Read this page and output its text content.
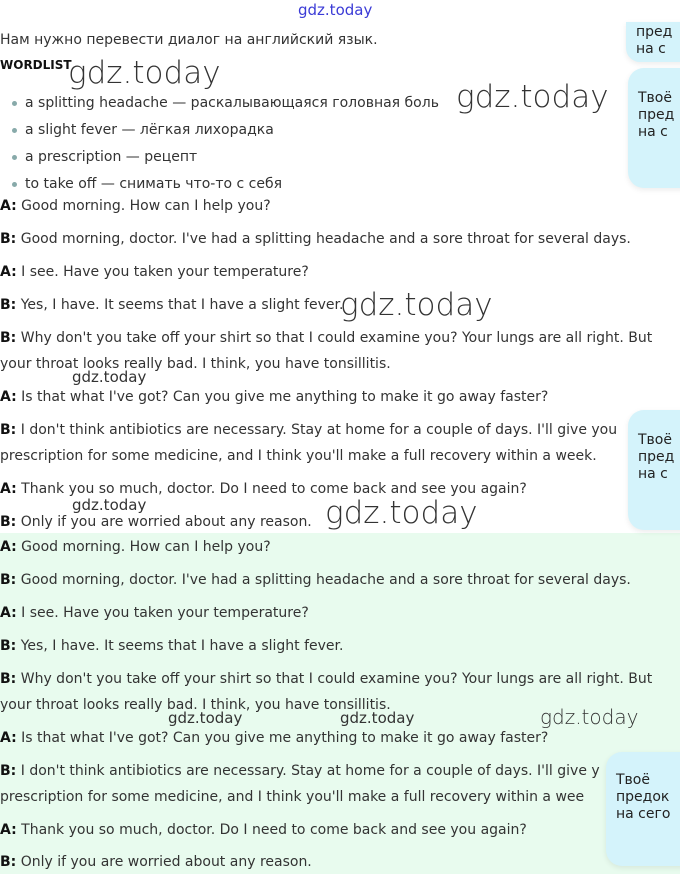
gdz.today
Нам нужно перевести диалог на английский язык.
WORDLIST
gdz.today
gdz.today
a splitting headache — раскалывающаяся головная боль
a slight fever — лёгкая лихорадка
a prescription — рецепт
to take off — снимать что-то с себя
A: Good morning. How can I help you?
B: Good morning, doctor. I've had a splitting headache and a sore throat for several days.
A: I see. Have you taken your temperature?
B: Yes, I have. It seems that I have a slight fever.
gdz.today
B: Why don't you take off your shirt so that I could examine you? Your lungs are all right. But
your throat looks really bad. I think, you have tonsillitis.
gdz.today
A: Is that what I've got? Can you give me anything to make it go away faster?
B: I don't think antibiotics are necessary. Stay at home for a couple of days. I'll give you
prescription for some medicine, and I think you'll make a full recovery within a week.
A: Thank you so much, doctor. Do I need to come back and see you again?
gdz.today
B: Only if you are worried about any reason. gdz.today
A: Good morning. How can I help you?
B: Good morning, doctor. I've had a splitting headache and a sore throat for several days.
A: I see. Have you taken your temperature?
B: Yes, I have. It seems that I have a slight fever.
B: Why don't you take off your shirt so that I could examine you? Your lungs are all right. But
your throat looks really bad. I think, you have tonsillitis.
gdz.today	gdz.today	gdz.today
A: Is that what I've got? Can you give me anything to make it go away faster?
B: I don't think antibiotics are necessary. Stay at home for a couple of days. I'll give y
prescription for some medicine, and I think you'll make a full recovery within a wee
A: Thank you so much, doctor. Do I need to come back and see you again?
B: Only if you are worried about any reason.
пред
на с
Твоё
пред
на с
Твоё
пред
на с
Твоё
предок
на сего
